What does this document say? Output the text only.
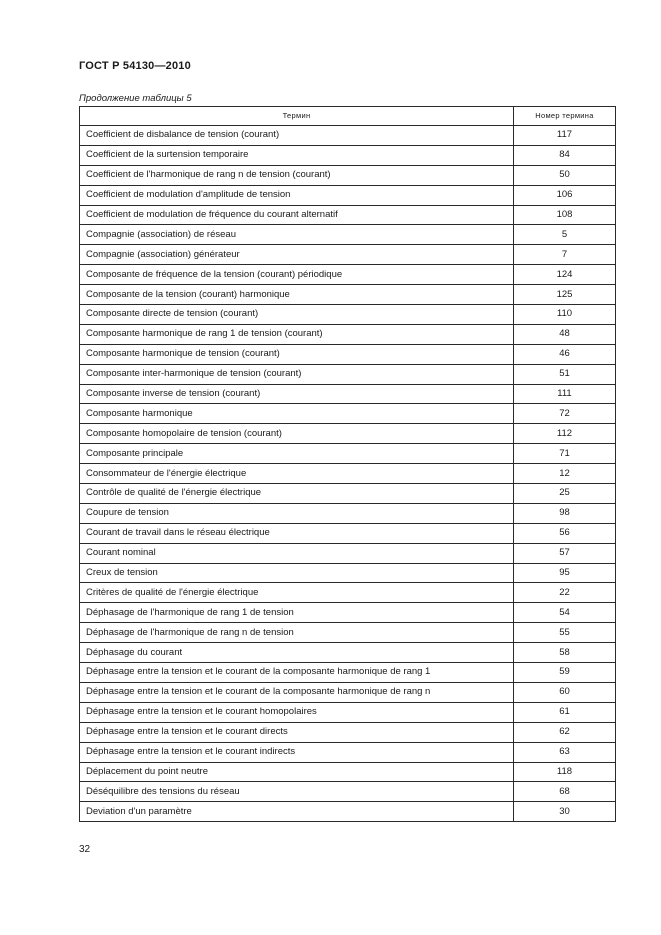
ГОСТ Р 54130—2010
Продолжение таблицы 5
Термин	Номер термина
Coefficient de disbalance de tension (courant)	117
Coefficient de la surtension temporaire	84
Coefficient de l'harmonique de rang n de tension (courant)	50
Coefficient de modulation d'amplitude de tension	106
Coefficient de modulation de fréquence du courant alternatif	108
Compagnie (association) de réseau	5
Compagnie (association) générateur	7
Composante de fréquence de la tension (courant) périodique	124
Composante de la tension (courant) harmonique	125
Composante directe de tension (courant)	110
Composante harmonique de rang 1 de tension (courant)	48
Composante harmonique de tension (courant)	46
Composante inter-harmonique de tension (courant)	51
Composante inverse de tension (courant)	111
Composante harmonique	72
Composante homopolaire de tension (courant)	112
Composante principale	71
Consommateur de l'énergie électrique	12
Contrôle de qualité de l'énergie électrique	25
Coupure de tension	98
Courant de travail dans le réseau électrique	56
Courant nominal	57
Creux de tension	95
Critères de qualité de l'énergie électrique	22
Déphasage de l'harmonique de rang 1 de tension	54
Déphasage de l'harmonique de rang n de tension	55
Déphasage du courant	58
Déphasage entre la tension et le courant de la composante harmonique de rang 1	59
Déphasage entre la tension et le courant de la composante harmonique de rang n	60
Déphasage entre la tension et le courant homopolaires	61
Déphasage entre la tension et le courant directs	62
Déphasage entre la tension et le courant indirects	63
Déplacement du point neutre	118
Déséquilibre des tensions du réseau	68
Deviation d'un paramètre	30
32
